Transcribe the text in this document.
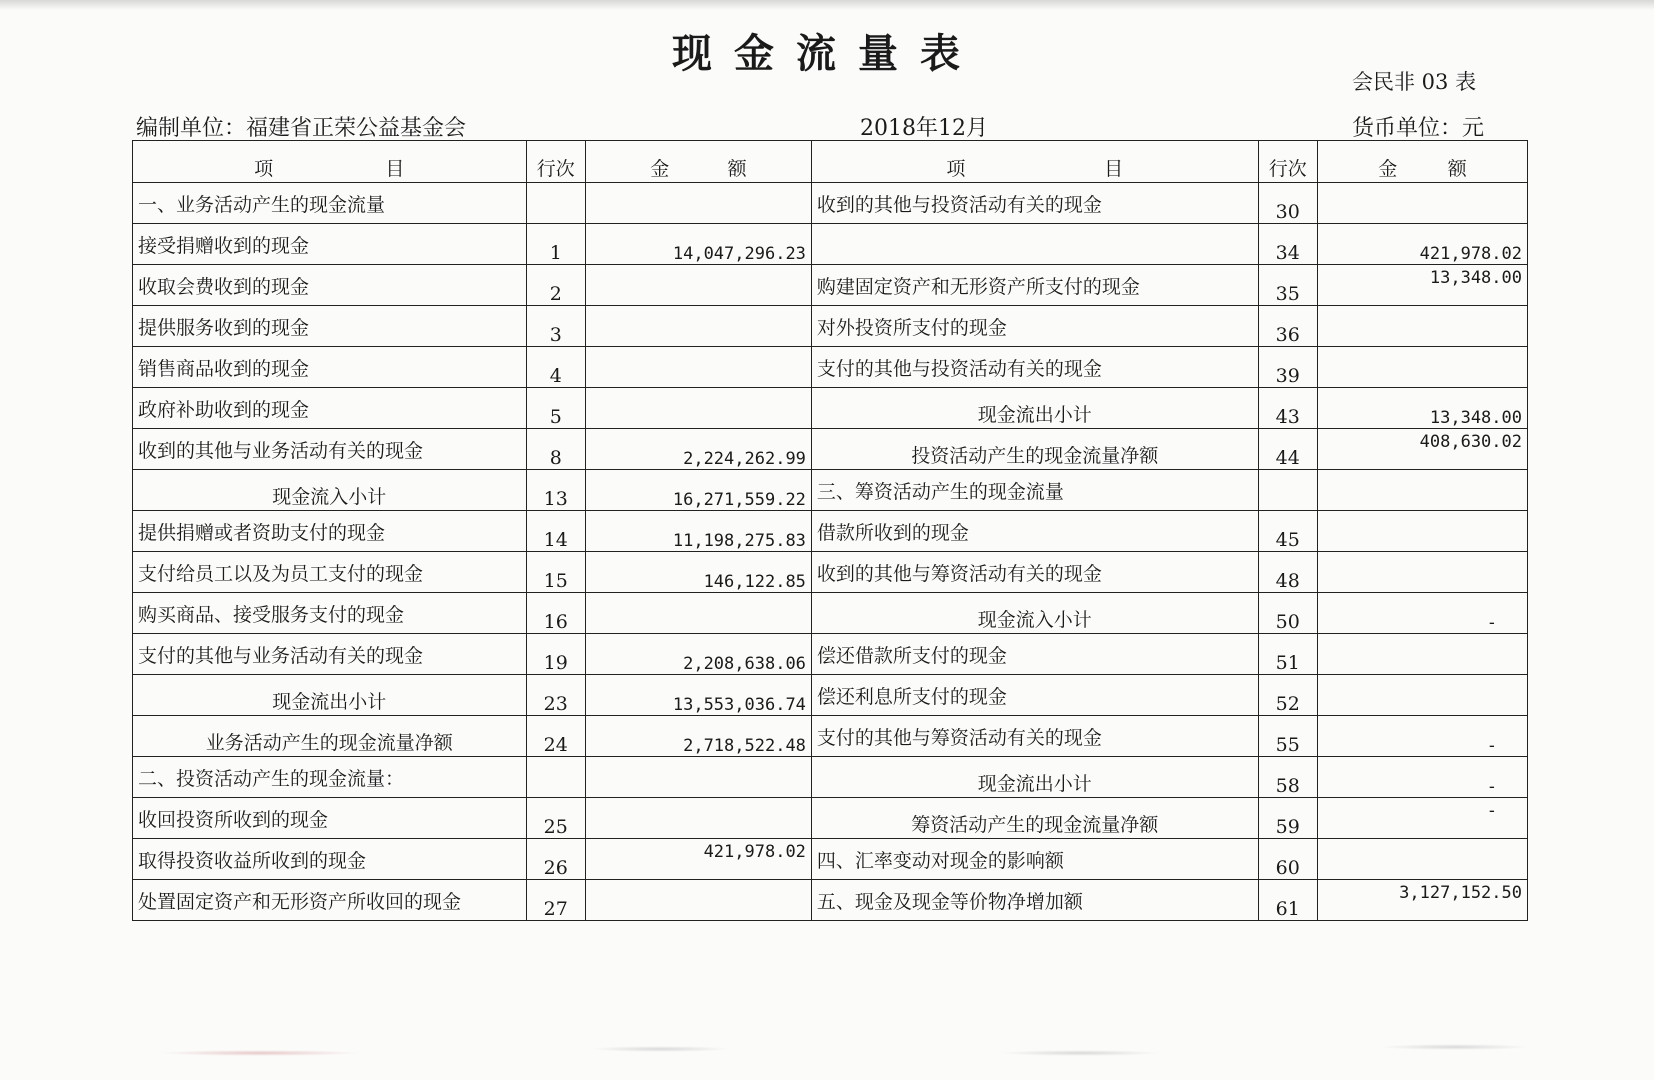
现金流量表
会民非 03 表
编制单位：福建省正荣公益基金会	2018年12月	货币单位：元
项 目	行次	金 额	项 目	行次	金 额

一、业务活动产生的现金流量			收到的其他与投资活动有关的现金	30	
接受捐赠收到的现金	1	14,047,296.23		34	421,978.02
收取会费收到的现金	2		购建固定资产和无形资产所支付的现金	35	13,348.00
提供服务收到的现金	3		对外投资所支付的现金	36	
销售商品收到的现金	4		支付的其他与投资活动有关的现金	39	
政府补助收到的现金	5		现金流出小计	43	13,348.00
收到的其他与业务活动有关的现金	8	2,224,262.99	投资活动产生的现金流量净额	44	408,630.02
现金流入小计	13	16,271,559.22	三、筹资活动产生的现金流量		
提供捐赠或者资助支付的现金	14	11,198,275.83	借款所收到的现金	45	
支付给员工以及为员工支付的现金	15	146,122.85	收到的其他与筹资活动有关的现金	48	
购买商品、接受服务支付的现金	16		现金流入小计	50	-
支付的其他与业务活动有关的现金	19	2,208,638.06	偿还借款所支付的现金	51	
现金流出小计	23	13,553,036.74	偿还利息所支付的现金	52	
业务活动产生的现金流量净额	24	2,718,522.48	支付的其他与筹资活动有关的现金	55	-
二、投资活动产生的现金流量：			现金流出小计	58	-
收回投资所收到的现金	25		筹资活动产生的现金流量净额	59	-
取得投资收益所收到的现金	26	421,978.02	四、汇率变动对现金的影响额	60	
处置固定资产和无形资产所收回的现金	27		五、现金及现金等价物净增加额	61	3,127,152.50
